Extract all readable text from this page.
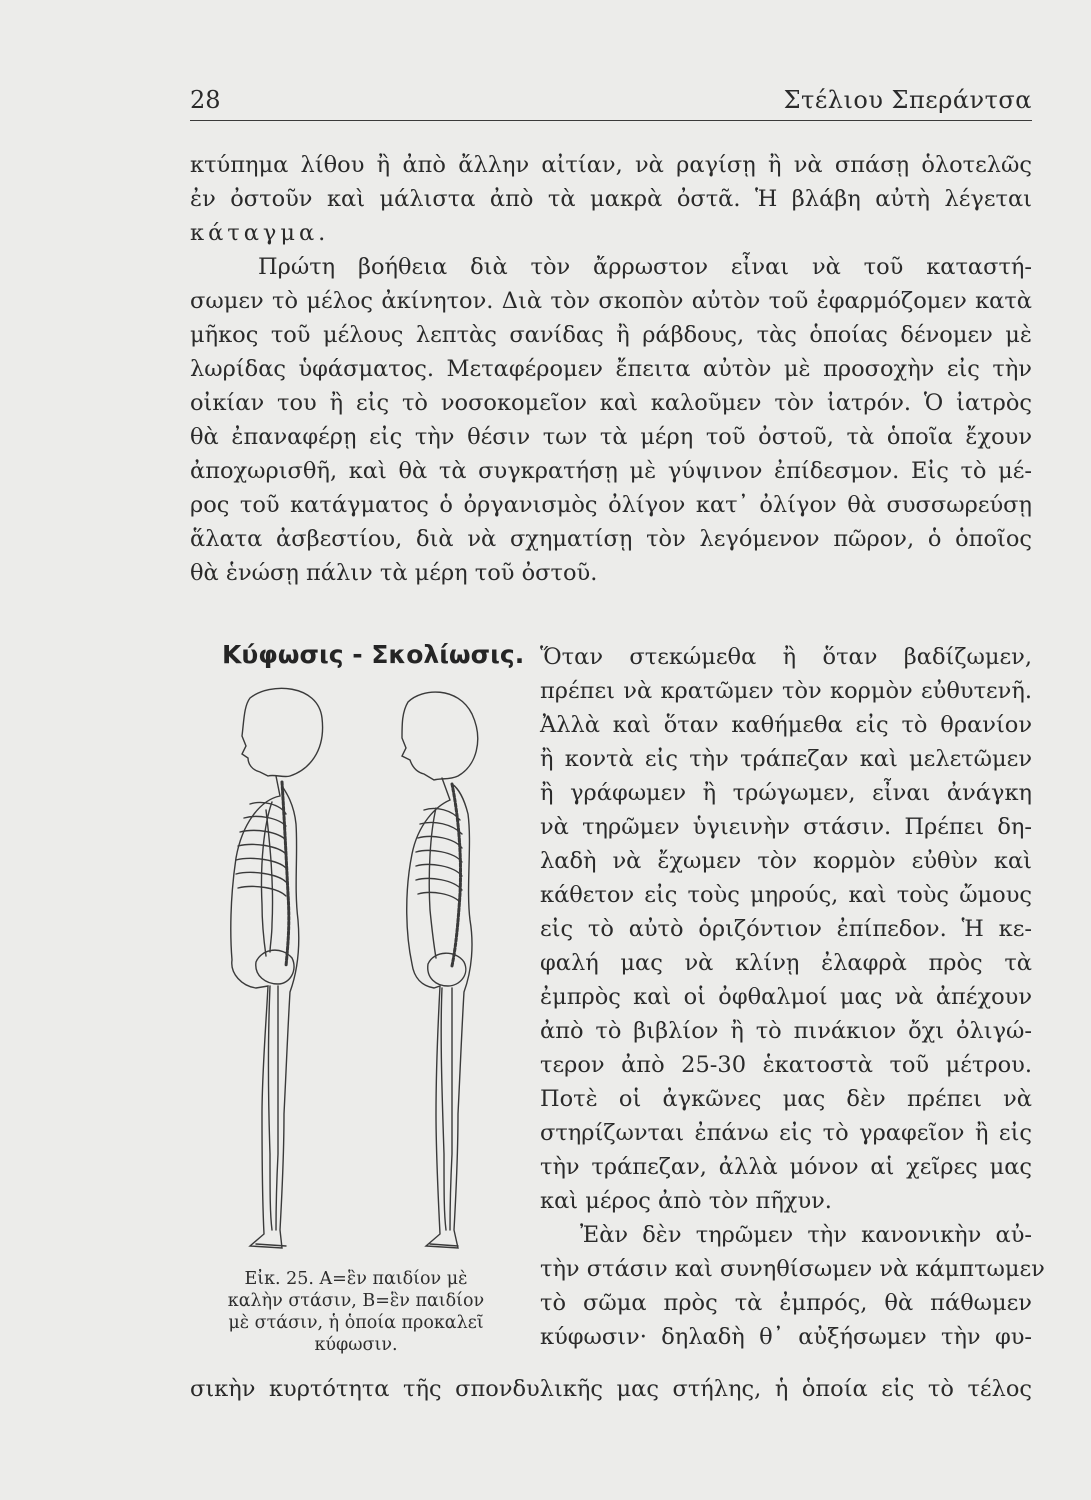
28	Στέλιου Σπεράντσα
κτύπημα λίθου ἢ ἀπὸ ἄλλην αἰτίαν, νὰ ραγίσῃ ἢ νὰ σπάσῃ ὁλοτελῶς
ἐν ὀστοῦν καὶ μάλιστα ἀπὸ τὰ μακρὰ ὀστᾶ. Ἡ βλάβη αὐτὴ λέγεται
κάταγμα.
Πρώτη βοήθεια διὰ τὸν ἄρρωστον εἶναι νὰ τοῦ καταστή-
σωμεν τὸ μέλος ἀκίνητον. Διὰ τὸν σκοπὸν αὐτὸν τοῦ ἐφαρμόζομεν κατὰ
μῆκος τοῦ μέλους λεπτὰς σανίδας ἢ ράβδους, τὰς ὁποίας δένομεν μὲ
λωρίδας ὑφάσματος. Μεταφέρομεν ἔπειτα αὐτὸν μὲ προσοχὴν εἰς τὴν
οἰκίαν του ἢ εἰς τὸ νοσοκομεῖον καὶ καλοῦμεν τὸν ἰατρόν. Ὁ ἰατρὸς
θὰ ἐπαναφέρῃ εἰς τὴν θέσιν των τὰ μέρη τοῦ ὀστοῦ, τὰ ὁποῖα ἔχουν
ἀποχωρισθῆ, καὶ θὰ τὰ συγκρατήσῃ μὲ γύψινον ἐπίδεσμον. Εἰς τὸ μέ-
ρος τοῦ κατάγματος ὁ ὀργανισμὸς ὀλίγον κατ᾽ ὀλίγον θὰ συσσωρεύσῃ
ἅλατα ἀσβεστίου, διὰ νὰ σχηματίσῃ τὸν λεγόμενον πῶρον, ὁ ὁποῖος
θὰ ἑνώσῃ πάλιν τὰ μέρη τοῦ ὀστοῦ.
Κύφωσις - Σκολίωσις.
Εἰκ. 25. Α=ἓν παιδίον μὲ
καλὴν στάσιν, Β=ἓν παιδίον
μὲ στάσιν, ἡ ὁποία προκαλεῖ
κύφωσιν.
Ὅταν στεκώμεθα ἢ ὅταν βαδίζωμεν,
πρέπει νὰ κρατῶμεν τὸν κορμὸν εὐθυτενῆ.
Ἀλλὰ καὶ ὅταν καθήμεθα εἰς τὸ θρανίον
ἢ κοντὰ εἰς τὴν τράπεζαν καὶ μελετῶμεν
ἢ γράφωμεν ἢ τρώγωμεν, εἶναι ἀνάγκη
νὰ τηρῶμεν ὑγιεινὴν στάσιν. Πρέπει δη-
λαδὴ νὰ ἔχωμεν τὸν κορμὸν εὐθὺν καὶ
κάθετον εἰς τοὺς μηρούς, καὶ τοὺς ὤμους
εἰς τὸ αὐτὸ ὁριζόντιον ἐπίπεδον. Ἡ κε-
φαλή μας νὰ κλίνῃ ἐλαφρὰ πρὸς τὰ
ἐμπρὸς καὶ οἱ ὀφθαλμοί μας νὰ ἀπέχουν
ἀπὸ τὸ βιβλίον ἢ τὸ πινάκιον ὄχι ὀλιγώ-
τερον ἀπὸ 25-30 ἑκατοστὰ τοῦ μέτρου.
Ποτὲ οἱ ἀγκῶνες μας δὲν πρέπει νὰ
στηρίζωνται ἐπάνω εἰς τὸ γραφεῖον ἢ εἰς
τὴν τράπεζαν, ἀλλὰ μόνον αἱ χεῖρες μας
καὶ μέρος ἀπὸ τὸν πῆχυν.
Ἐὰν δὲν τηρῶμεν τὴν κανονικὴν αὐ-
τὴν στάσιν καὶ συνηθίσωμεν νὰ κάμπτωμεν
τὸ σῶμα πρὸς τὰ ἐμπρός, θὰ πάθωμεν
κύφωσιν· δηλαδὴ θ᾽ αὐξήσωμεν τὴν φυ-
σικὴν κυρτότητα τῆς σπονδυλικῆς μας στήλης, ἡ ὁποία εἰς τὸ τέλος
